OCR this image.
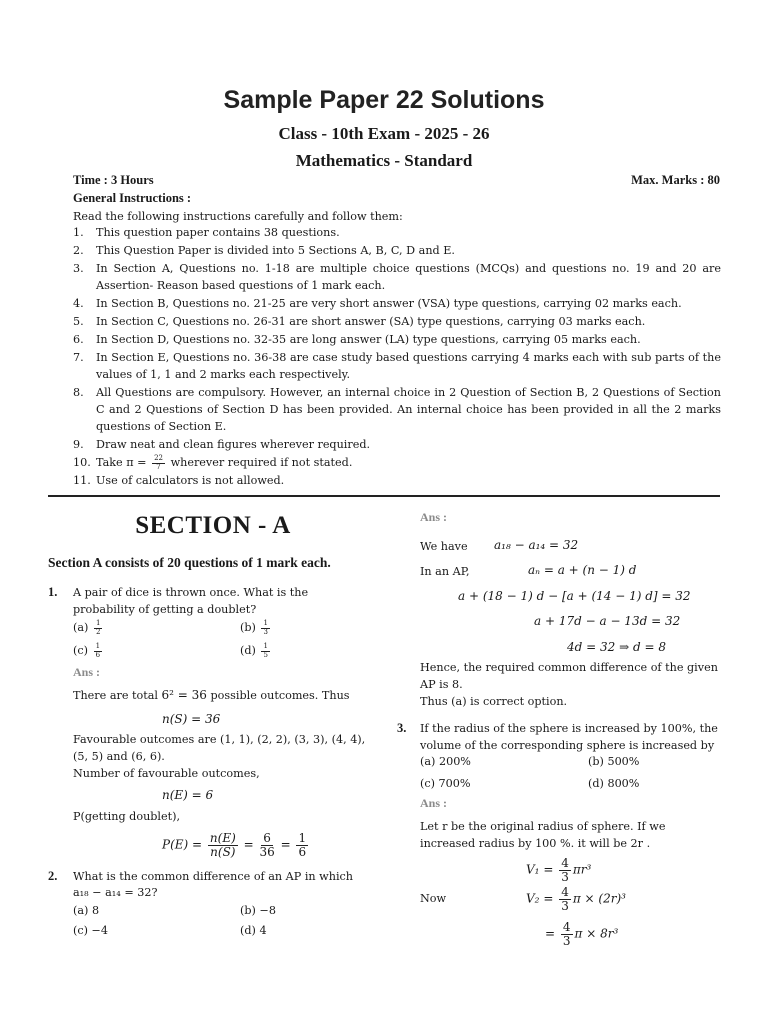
Sample Paper 22 Solutions
Class - 10th Exam - 2025 - 26
Mathematics - Standard
Time : 3 Hours	Max. Marks : 80
General Instructions :
Read the following instructions carefully and follow them:
1.	This question paper contains 38 questions.
2.	This Question Paper is divided into 5 Sections A, B, C, D and E.
3.	In Section A, Questions no. 1-18 are multiple choice questions (MCQs) and questions no. 19 and 20 are Assertion- Reason based questions of 1 mark each.
4.	In Section B, Questions no. 21-25 are very short answer (VSA) type questions, carrying 02 marks each.
5.	In Section C, Questions no. 26-31 are short answer (SA) type questions, carrying 03 marks each.
6.	In Section D, Questions no. 32-35 are long answer (LA) type questions, carrying 05 marks each.
7.	In Section E, Questions no. 36-38 are case study based questions carrying 4 marks each with sub parts of the values of 1, 1 and 2 marks each respectively.
8.	All Questions are compulsory. However, an internal choice in 2 Question of Section B, 2 Questions of Section C and 2 Questions of Section D has been provided. An internal choice has been provided in all the 2 marks questions of Section E.
9.	Draw neat and clean figures wherever required.
10. Take $\pi = \frac{22}{7}$ wherever required if not stated.
11. Use of calculators is not allowed.
SECTION - A
Section A consists of 20 questions of 1 mark each.
1. A pair of dice is thrown once. What is the probability of getting a doublet?
$(a) \frac{1}{2}$	$(b) \frac{1}{3}$
$(c) \frac{1}{6}$	$(d) \frac{1}{5}$
Ans :
There are total 6² = 36 possible outcomes. Thus
n(S) = 36
Favourable outcomes are (1, 1), (2, 2), (3, 3), (4, 4), (5, 5) and (6, 6).
Number of favourable outcomes,
n(E) = 6
P(getting doublet),
$P(E) = \frac{n(E)}{n(S)} = \frac{6}{36} = \frac{1}{6}$
2. What is the common difference of an AP in which
a₁₈ − a₁₄ = 32?
(a) 8	(b) −8
(c) −4	(d) 4
Ans :
We have a₁₈ − a₁₄ = 32
In an AP,	aₙ = a + (n − 1) d
a + (18 − 1) d − [a + (14 − 1) d] = 32
a + 17d − a − 13d = 32
4d = 32 ⇒ d = 8
Hence, the required common difference of the given AP is 8.
Thus (a) is correct option.
3. If the radius of the sphere is increased by 100%, the volume of the corresponding sphere is increased by
(a) 200%	(b) 500%
(c) 700%	(d) 800%
Ans :
Let r be the original radius of sphere. If we increased radius by 100 %. it will be 2r .
$V_1 = \frac{4}{3} \pi r^3$
Now	$V_2 = \frac{4}{3}$ π × (2r)³
= $\frac{4}{3}$ π × 8r³
